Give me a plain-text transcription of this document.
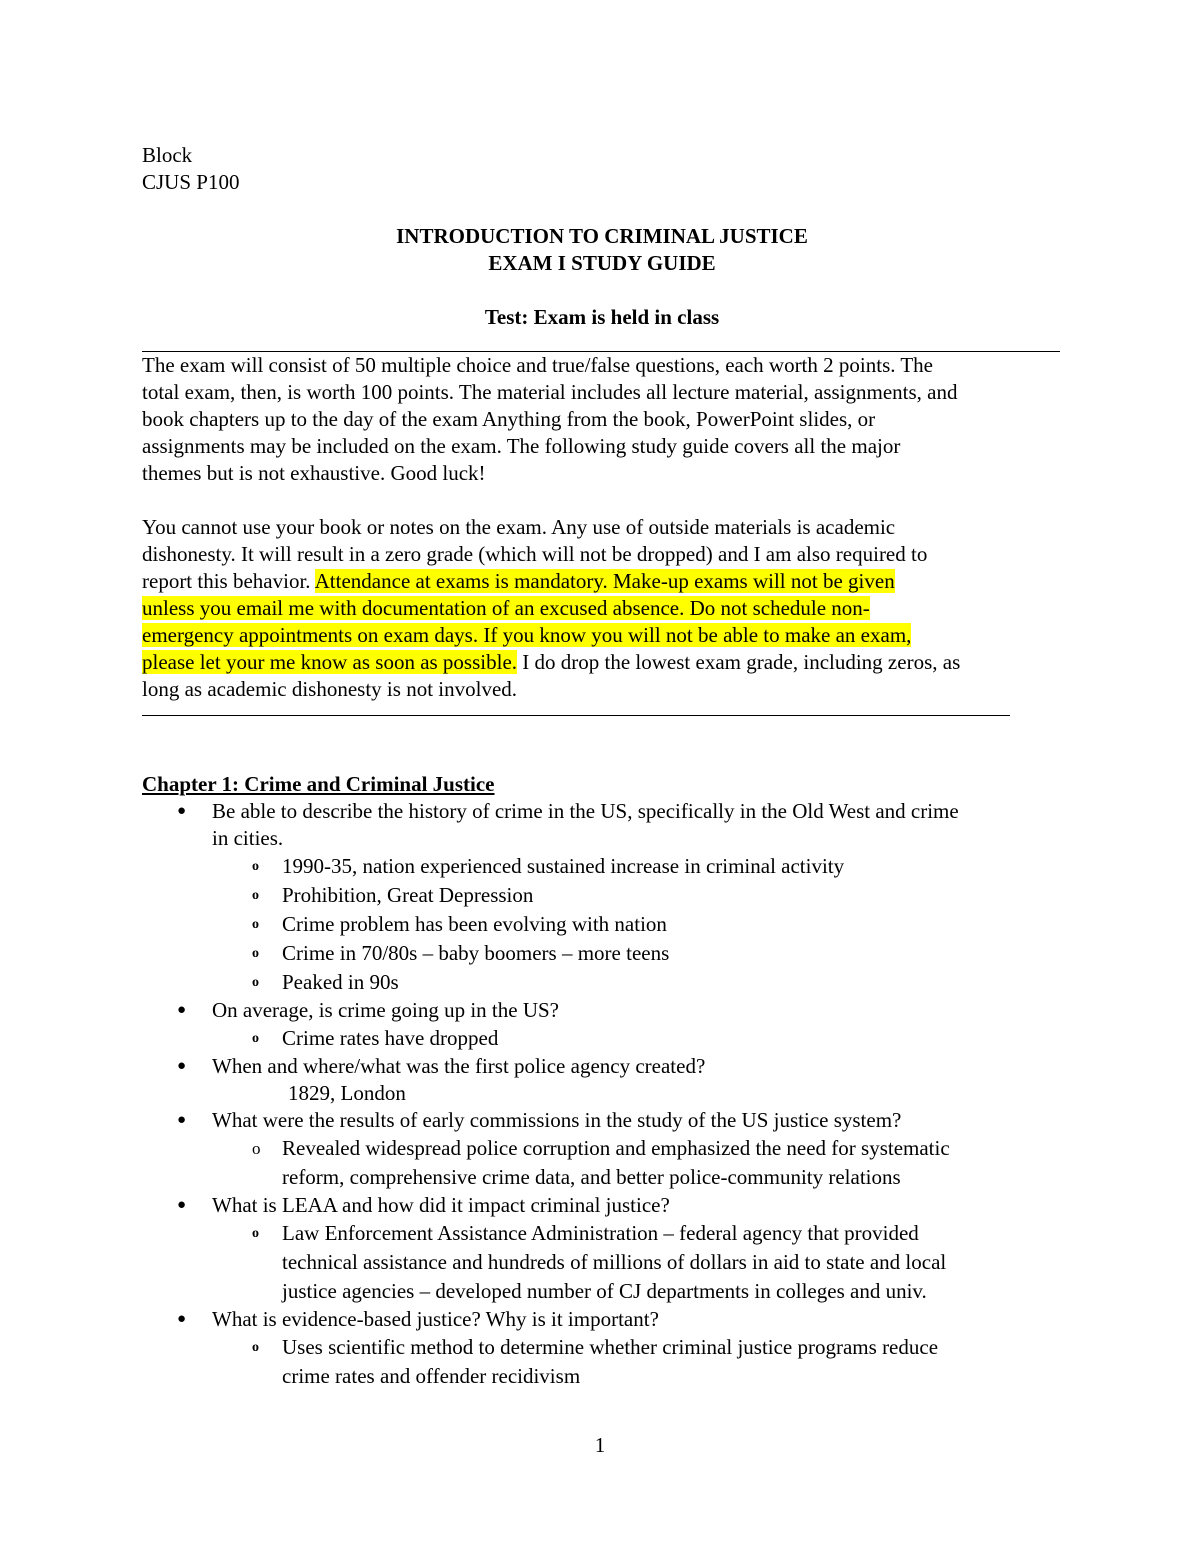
Block
CJUS P100
INTRODUCTION TO CRIMINAL JUSTICE
EXAM I STUDY GUIDE
Test: Exam is held in class

The exam will consist of 50 multiple choice and true/false questions, each worth 2 points. The

total exam, then, is worth 100 points. The material includes all lecture material, assignments, and

book chapters up to the day of the exam Anything from the book, PowerPoint slides, or

assignments may be included on the exam. The following study guide covers all the major

themes but is not exhaustive. Good luck!

You cannot use your book or notes on the exam. Any use of outside materials is academic

dishonesty. It will result in a zero grade (which will not be dropped) and I am also required to

report this behavior. Attendance at exams is mandatory. Make-up exams will not be given

unless you email me with documentation of an excused absence. Do not schedule non-

emergency appointments on exam days. If you know you will not be able to make an exam,

please let your me know as soon as possible. I do drop the lowest exam grade, including zeros, as

long as academic dishonesty is not involved.

Chapter 1: Crime and Criminal Justice
● Be able to describe the history of crime in the US, specifically in the Old West and crime
in cities.
o 1990-35, nation experienced sustained increase in criminal activity
o Prohibition, Great Depression
o Crime problem has been evolving with nation
o Crime in 70/80s – baby boomers – more teens
o Peaked in 90s
● On average, is crime going up in the US?
o Crime rates have dropped
● When and where/what was the first police agency created?
1829, London
● What were the results of early commissions in the study of the US justice system?
o Revealed widespread police corruption and emphasized the need for systematic
reform, comprehensive crime data, and better police-community relations
● What is LEAA and how did it impact criminal justice?
o Law Enforcement Assistance Administration – federal agency that provided
technical assistance and hundreds of millions of dollars in aid to state and local
justice agencies – developed number of CJ departments in colleges and univ.
● What is evidence-based justice? Why is it important?
o Uses scientific method to determine whether criminal justice programs reduce
crime rates and offender recidivism
1
